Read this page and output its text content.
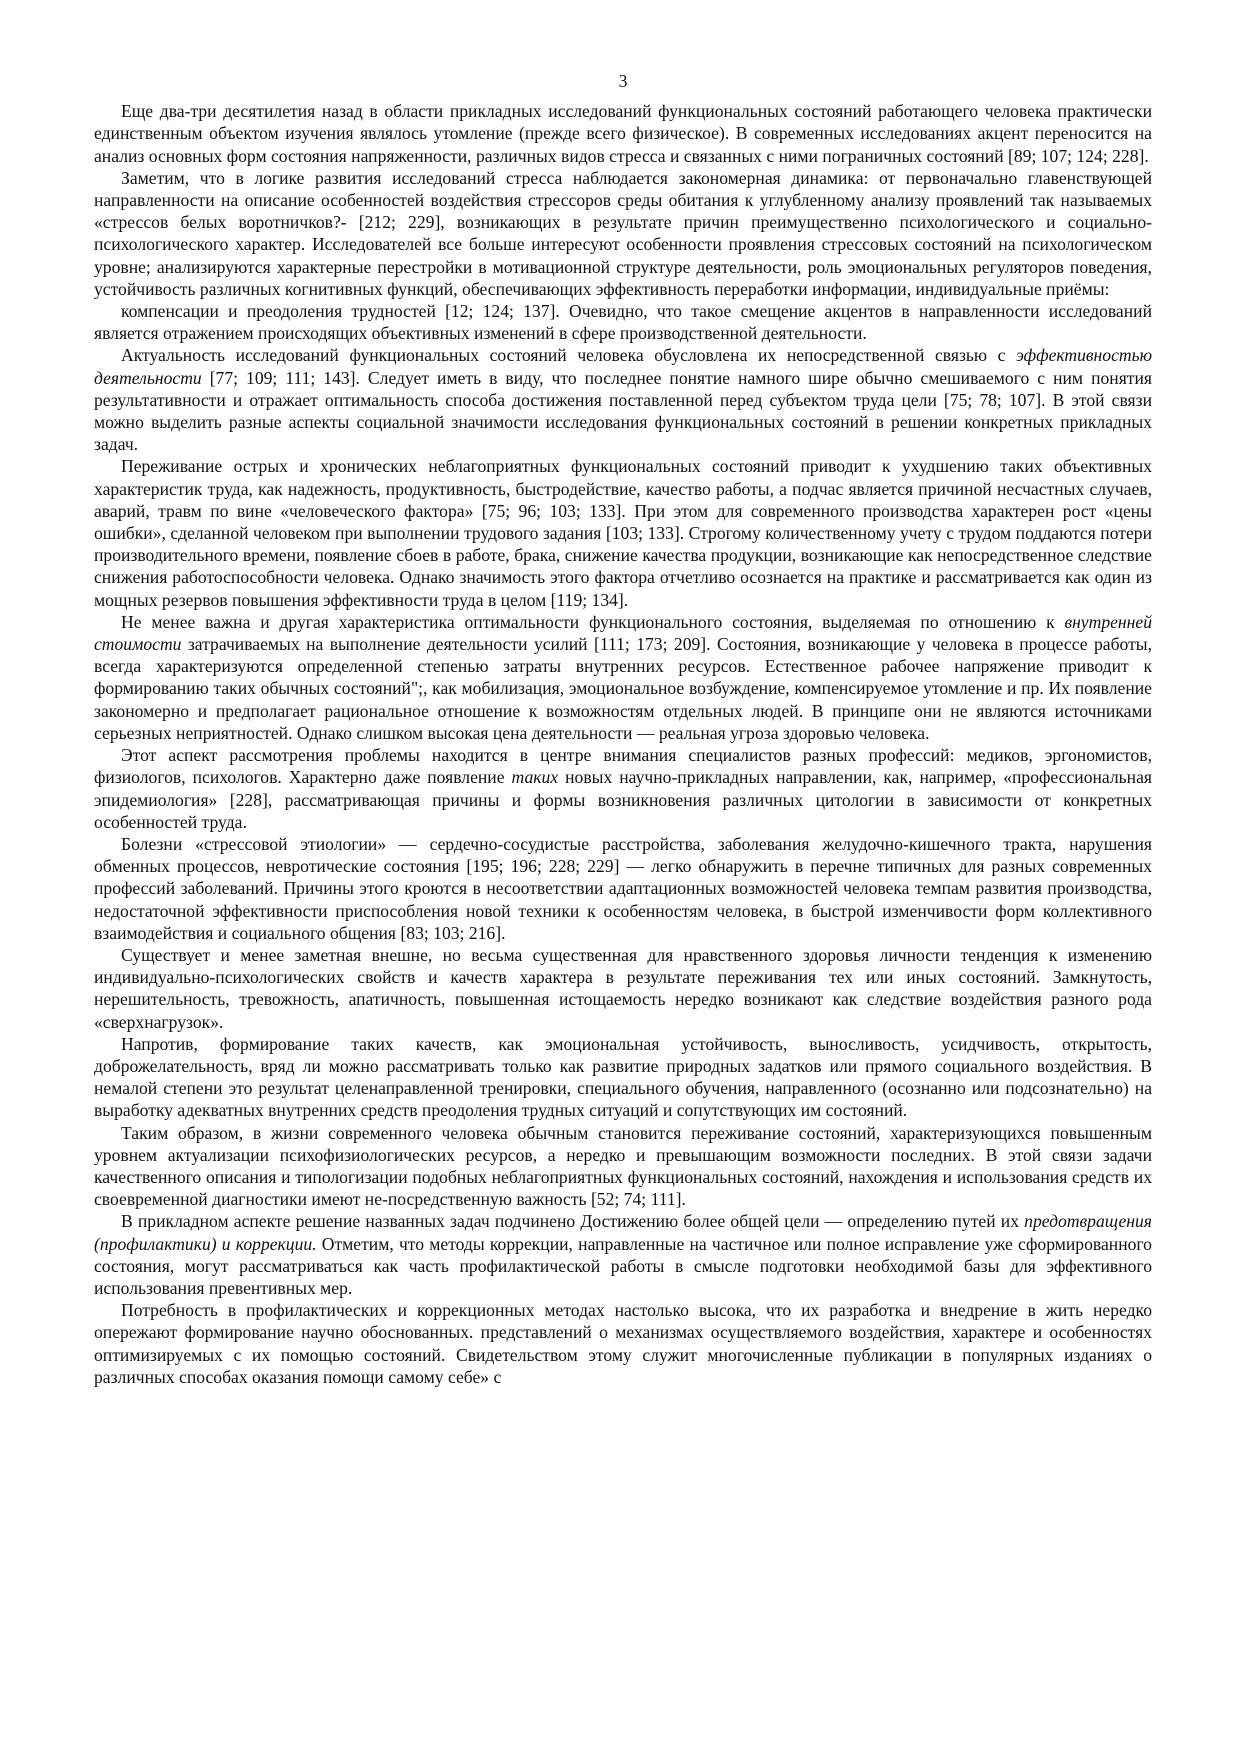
3

Еще два-три десятилетия назад в области прикладных исследований функциональных состояний работающего человека практически единственным объектом изучения являлось утомление (прежде всего физическое). В современных исследованиях акцент переносится на анализ основных форм состояния напряженности, различных видов стресса и связанных с ними пограничных состояний [89; 107; 124; 228].

Заметим, что в логике развития исследований стресса наблюдается закономерная динамика: от первоначально главенствующей направленности на описание особенностей воздействия стрессоров среды обитания к углубленному анализу проявлений так называемых «стрессов белых воротничков?- [212; 229], возникающих в результате причин преимущественно психологического и социально-психологического характер. Исследователей все больше интересуют особенности проявления стрессовых состояний на психологическом уровне; анализируются характерные перестройки в мотивационной структуре деятельности, роль эмоциональных регуляторов поведения, устойчивость различных когнитивных функций, обеспечивающих эффективность переработки информации, индивидуальные приёмы:

компенсации и преодоления трудностей [12; 124; 137]. Очевидно, что такое смещение акцентов в направленности исследований является отражением происходящих объективных изменений в сфере производственной деятельности.

Актуальность исследований функциональных состояний человека обусловлена их непосредственной связью с эффективностью деятельности [77; 109; 111; 143]. Следует иметь в виду, что последнее понятие намного шире обычно смешиваемого с ним понятия результативности и отражает оптимальность способа достижения поставленной перед субъектом труда цели [75; 78; 107]. В этой связи можно выделить разные аспекты социальной значимости исследования функциональных состояний в решении конкретных прикладных задач.

Переживание острых и хронических неблагоприятных функциональных состояний приводит к ухудшению таких объективных характеристик труда, как надежность, продуктивность, быстродействие, качество работы, а подчас является причиной несчастных случаев, аварий, травм по вине «человеческого фактора» [75; 96; 103; 133]. При этом для современного производства характерен рост «цены ошибки», сделанной человеком при выполнении трудового задания [103; 133]. Строгому количественному учету с трудом поддаются потери производительного времени, появление сбоев в работе, брака, снижение качества продукции, возникающие как непосредственное следствие снижения работоспособности человека. Однако значимость этого фактора отчетливо осознается на практике и рассматривается как один из мощных резервов повышения эффективности труда в целом [119; 134].

Не менее важна и другая характеристика оптимальности функционального состояния, выделяемая по отношению к внутренней стоимости затрачиваемых на выполнение деятельности усилий [111; 173; 209]. Состояния, возникающие у человека в процессе работы, всегда характеризуются определенной степенью затраты внутренних ресурсов. Естественное рабочее напряжение приводит к формированию таких обычных состояний";, как мобилизация, эмоциональное возбуждение, компенсируемое утомление и пр. Их появление закономерно и предполагает рациональное отношение к возможностям отдельных людей. В принципе они не являются источниками серьезных неприятностей. Однако слишком высокая цена деятельности — реальная угроза здоровью человека.

Этот аспект рассмотрения проблемы находится в центре внимания специалистов разных профессий: медиков, эргономистов, физиологов, психологов. Характерно даже появление таких новых научно-прикладных направлении, как, например, «профессиональная эпидемиология» [228], рассматривающая причины и формы возникновения различных цитологии в зависимости от конкретных особенностей труда.

Болезни «стрессовой этиологии» — сердечно-сосудистые расстройства, заболевания желудочно-кишечного тракта, нарушения обменных процессов, невротические состояния [195; 196; 228; 229] — легко обнаружить в перечне типичных для разных современных профессий заболеваний. Причины этого кроются в несоответствии адаптационных возможностей человека темпам развития производства, недостаточной эффективности приспособления новой техники к особенностям человека, в быстрой изменчивости форм коллективного взаимодействия и социального общения [83; 103; 216].

Существует и менее заметная внешне, но весьма существенная для нравственного здоровья личности тенденция к изменению индивидуально-психологических свойств и качеств характера в результате переживания тех или иных состояний. Замкнутость, нерешительность, тревожность, апатичность, повышенная истощаемость нередко возникают как следствие воздействия разного рода «сверхнагрузок».

Напротив, формирование таких качеств, как эмоциональная устойчивость, выносливость, усидчивость, открытость, доброжелательность, вряд ли можно рассматривать только как развитие природных задатков или прямого социального воздействия. В немалой степени это результат целенаправленной тренировки, специального обучения, направленного (осознанно или подсознательно) на выработку адекватных внутренних средств преодоления трудных ситуаций и сопутствующих им состояний.

Таким образом, в жизни современного человека обычным становится переживание состояний, характеризующихся повышенным уровнем актуализации психофизиологических ресурсов, а нередко и превышающим возможности последних. В этой связи задачи качественного описания и типологизации подобных неблагоприятных функциональных состояний, нахождения и использования средств их своевременной диагностики имеют не-посредственную важность [52; 74; 111].

В прикладном аспекте решение названных задач подчинено Достижению более общей цели — определению путей их предотвращения (профилактики) и коррекции. Отметим, что методы коррекции, направленные на частичное или полное исправление уже сформированного состояния, могут рассматриваться как часть профилактической работы в смысле подготовки необходимой базы для эффективного использования превентивных мер.

Потребность в профилактических и коррекционных методах настолько высока, что их разработка и внедрение в жить нередко опережают формирование научно обоснованных. представлений о механизмах осуществляемого воздействия, характере и особенностях оптимизируемых с их помощью состояний. Свидетельством этому служит многочисленные публикации в популярных изданиях о различных способах оказания помощи самому себе» с
